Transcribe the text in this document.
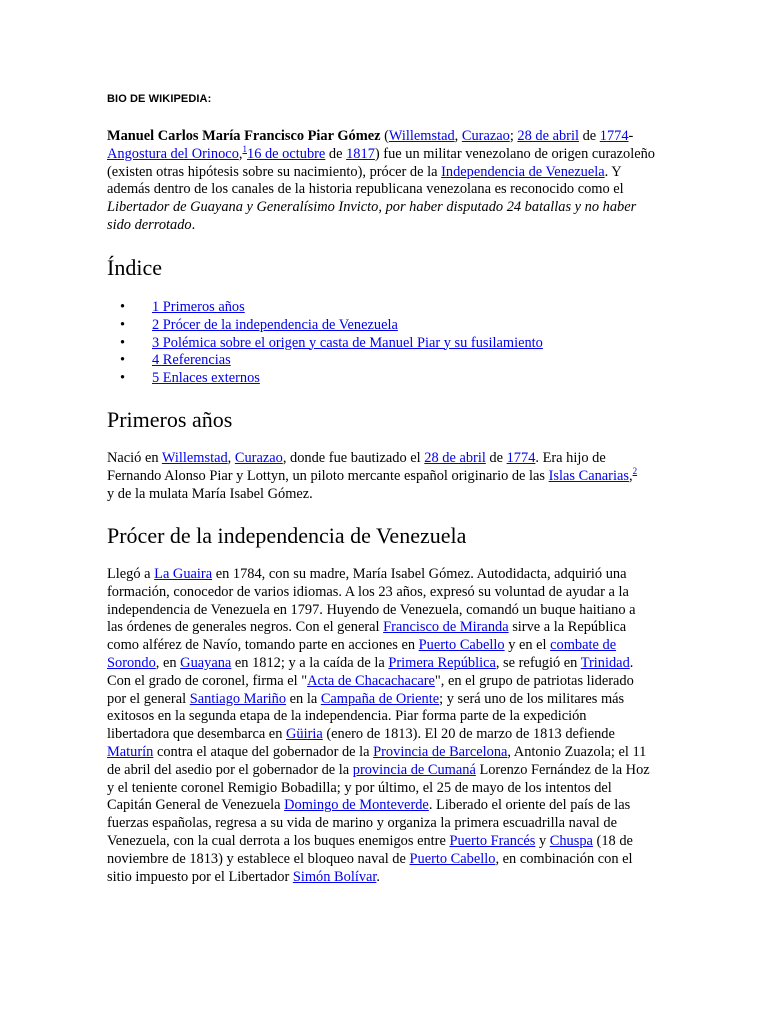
BIO DE WIKIPEDIA:

Manuel Carlos María Francisco Piar Gómez (Willemstad, Curazao; 28 de abril de 1774-Angostura del Orinoco,$^1$16 de octubre de 1817) fue un militar venezolano de origen curazoleño (existen otras hipótesis sobre su nacimiento), prócer de la Independencia de Venezuela. Y además dentro de los canales de la historia republicana venezolana es reconocido como el Libertador de Guayana y Generalísimo Invicto, por haber disputado 24 batallas y no haber sido derrotado.

Índice
• 1 Primeros años
• 2 Prócer de la independencia de Venezuela
• 3 Polémica sobre el origen y casta de Manuel Piar y su fusilamiento
• 4 Referencias
• 5 Enlaces externos
Primeros años

Nació en Willemstad, Curazao, donde fue bautizado el 28 de abril de 1774. Era hijo de Fernando Alonso Piar y Lottyn, un piloto mercante español originario de las Islas Canarias,$^2$ y de la mulata María Isabel Gómez.

Prócer de la independencia de Venezuela

Llegó a La Guaira en 1784, con su madre, María Isabel Gómez. Autodidacta, adquirió una formación, conocedor de varios idiomas. A los 23 años, expresó su voluntad de ayudar a la independencia de Venezuela en 1797. Huyendo de Venezuela, comandó un buque haitiano a las órdenes de generales negros. Con el general Francisco de Miranda sirve a la República como alférez de Navío, tomando parte en acciones en Puerto Cabello y en el combate de Sorondo, en Guayana en 1812; y a la caída de la Primera República, se refugió en Trinidad. Con el grado de coronel, firma el "Acta de Chacachacare", en el grupo de patriotas liderado por el general Santiago Mariño en la Campaña de Oriente; y será uno de los militares más exitosos en la segunda etapa de la independencia. Piar forma parte de la expedición libertadora que desembarca en Güiria (enero de 1813). El 20 de marzo de 1813 defiende Maturín contra el ataque del gobernador de la Provincia de Barcelona, Antonio Zuazola; el 11 de abril del asedio por el gobernador de la provincia de Cumaná Lorenzo Fernández de la Hoz y el teniente coronel Remigio Bobadilla; y por último, el 25 de mayo de los intentos del Capitán General de Venezuela Domingo de Monteverde. Liberado el oriente del país de las fuerzas españolas, regresa a su vida de marino y organiza la primera escuadrilla naval de Venezuela, con la cual derrota a los buques enemigos entre Puerto Francés y Chuspa (18 de noviembre de 1813) y establece el bloqueo naval de Puerto Cabello, en combinación con el sitio impuesto por el Libertador Simón Bolívar.
